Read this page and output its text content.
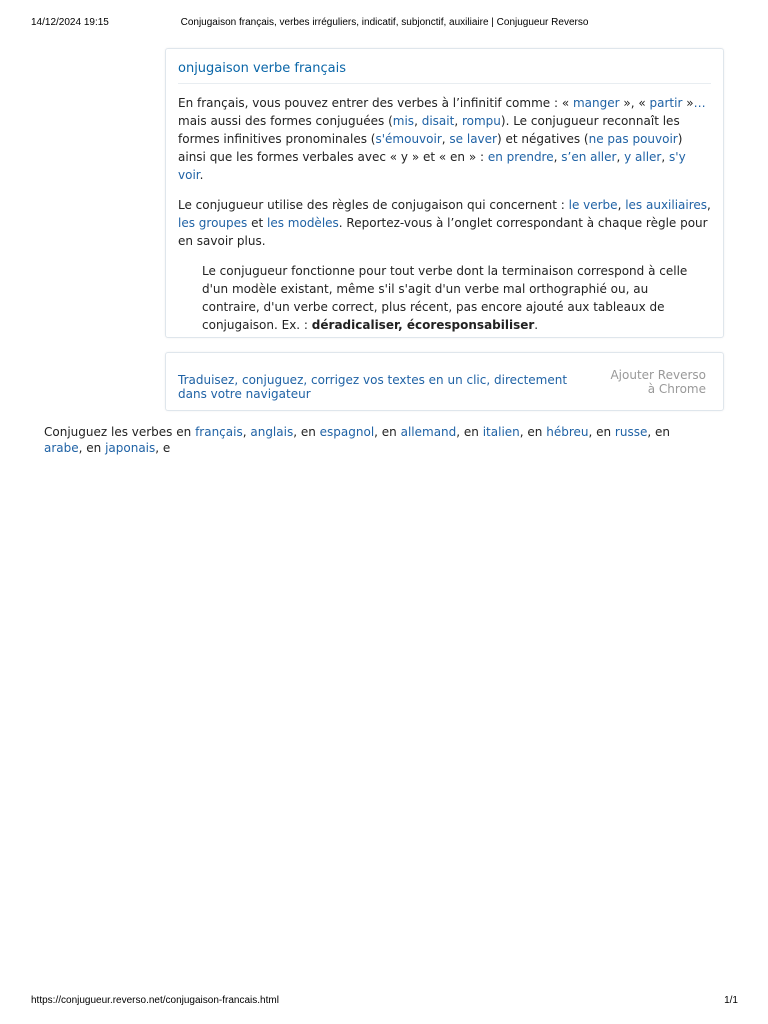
14/12/2024 19:15	Conjugaison français, verbes irréguliers, indicatif, subjonctif, auxiliaire | Conjugueur Reverso
onjugaison verbe français

En français, vous pouvez entrer des verbes à l’infinitif comme : « manger », « partir »… mais aussi des formes conjuguées (mis, disait, rompu). Le conjugueur reconnaît les formes infinitives pronominales (s'émouvoir, se laver) et négatives (ne pas pouvoir) ainsi que les formes verbales avec « y » et « en » : en prendre, s’en aller, y aller, s'y voir.

Le conjugueur utilise des règles de conjugaison qui concernent : le verbe, les auxiliaires, les groupes et les modèles. Reportez-vous à l’onglet correspondant à chaque règle pour en savoir plus.

Le conjugueur fonctionne pour tout verbe dont la terminaison correspond à celle d'un modèle existant, même s'il s'agit d'un verbe mal orthographié ou, au contraire, d'un verbe correct, plus récent, pas encore ajouté aux tableaux de conjugaison. Ex. : déradicaliser, écoresponsabiliser.
Traduisez, conjuguez, corrigez vos textes en un clic, directement dans votre navigateur
Ajouter Reverso
à Chrome
Conjuguez les verbes en français, anglais, en espagnol, en allemand, en italien, en hébreu, en russe, en arabe, en japonais, e
https://conjugueur.reverso.net/conjugaison-francais.html	1/1
